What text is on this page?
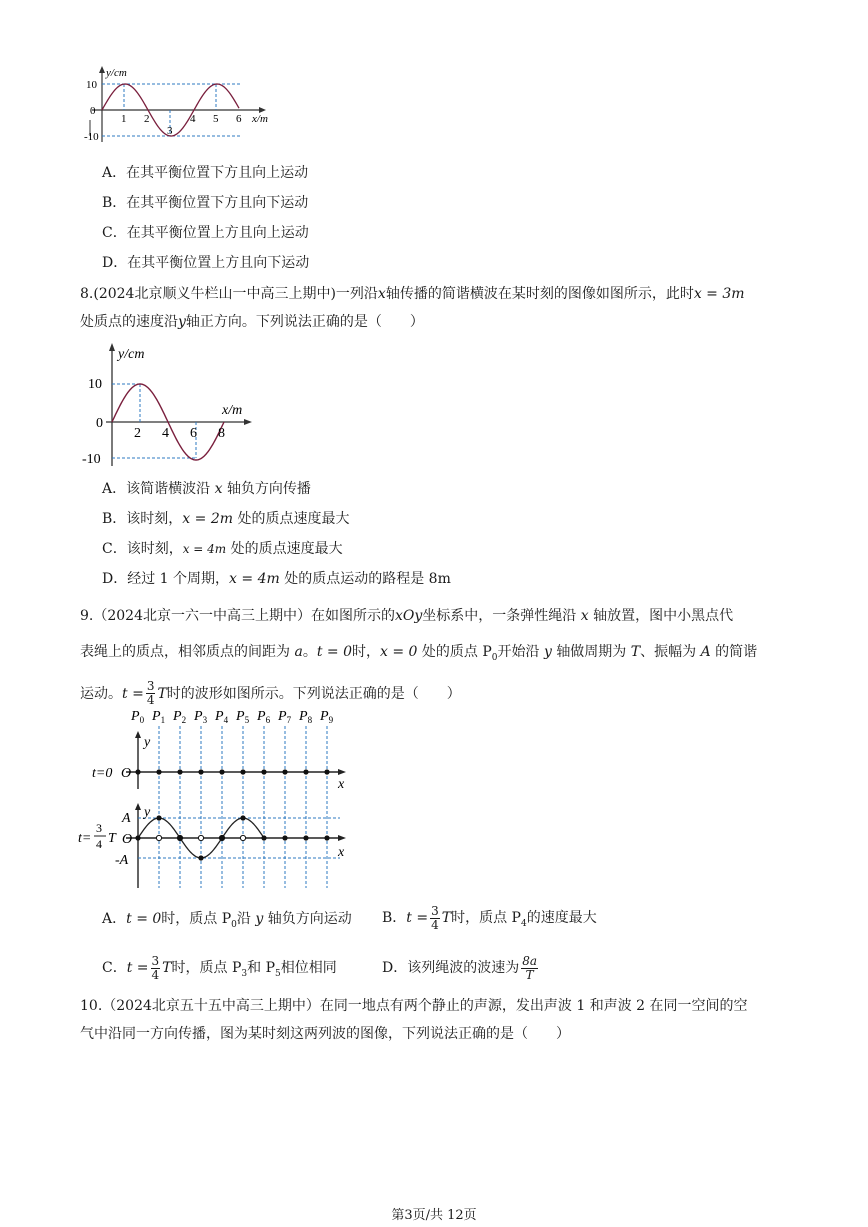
y/cm
x/m
10
0
-10
1 2
3
4 5 6
A．在其平衡位置下方且向上运动
B．在其平衡位置下方且向下运动
C．在其平衡位置上方且向上运动
D．在其平衡位置上方且向下运动
8.(2024北京顺义牛栏山一中高三上期中)一列沿x轴传播的简谐横波在某时刻的图像如图所示，此时x = 3m
处质点的速度沿y轴正方向。下列说法正确的是（　　）
y/cm
x/m
10
0
-10
2 4 6 8
A．该简谐横波沿 x 轴负方向传播
B．该时刻，x = 2m 处的质点速度最大
C．该时刻，x = 4m 处的质点速度最大
D．经过 1 个周期，x = 4m 处的质点运动的路程是 8m
9.（2024北京一六一中高三上期中）在如图所示的xOy坐标系中，一条弹性绳沿 x 轴放置，图中小黑点代
表绳上的质点，相邻质点的间距为 a。t = 0时，x = 0 处的质点 $P_0$开始沿 y 轴做周期为 T、振幅为 A 的简谐
运动。$t = \frac{3}{4}$ T时的波形如图所示。下列说法正确的是（　　）
$P_0$ $P_1$ $P_2$ $P_3$ $P_4$ $P_5$ $P_6$ $P_7$ $P_8$ $P_9$
y
x
t=0 O
y
x
A
O
-A
t=
3
4 T
A．t = 0时，质点 $P_0$沿 y 轴负方向运动 B．$t = \frac{3}{4}$ T时，质点 $P_4$的速度最大
C．$t = \frac{3}{4}$ T时，质点 $P_3$和 $P_5$相位相同	D．该列绳波的波速为 $\frac{8a}{T}$
10.（2024北京五十五中高三上期中）在同一地点有两个静止的声源，发出声波 1 和声波 2 在同一空间的空
气中沿同一方向传播，图为某时刻这两列波的图像，下列说法正确的是（　　）
第3页/共 12页
